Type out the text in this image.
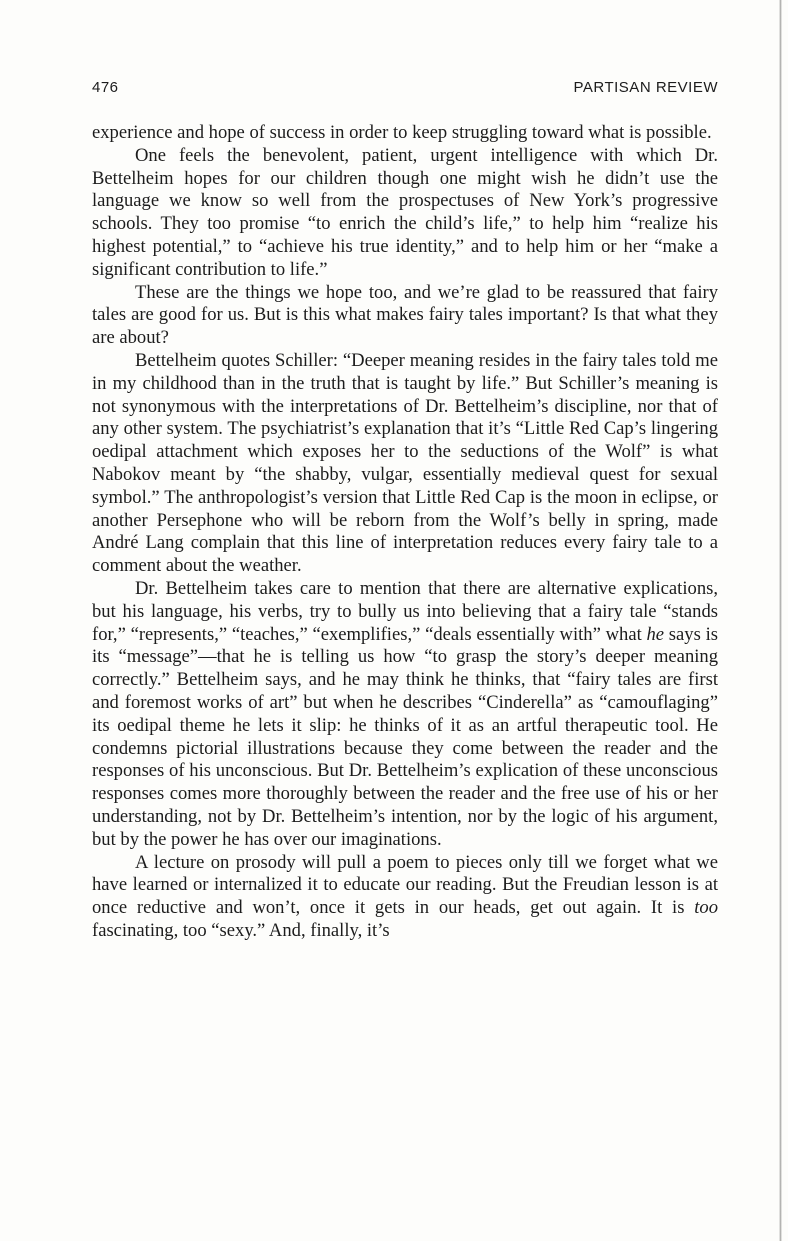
476	PARTISAN REVIEW

experience and hope of success in order to keep struggling toward what is possible.

One feels the benevolent, patient, urgent intelligence with which Dr. Bettelheim hopes for our children though one might wish he didn’t use the language we know so well from the prospectuses of New York’s progressive schools. They too promise “to enrich the child’s life,” to help him “realize his highest potential,” to “achieve his true identity,” and to help him or her “make a significant contribution to life.”

These are the things we hope too, and we’re glad to be reassured that fairy tales are good for us. But is this what makes fairy tales important? Is that what they are about?

Bettelheim quotes Schiller: “Deeper meaning resides in the fairy tales told me in my childhood than in the truth that is taught by life.” But Schiller’s meaning is not synonymous with the interpretations of Dr. Bettelheim’s discipline, nor that of any other system. The psychiatrist’s explanation that it’s “Little Red Cap’s lingering oedipal attachment which exposes her to the seductions of the Wolf” is what Nabokov meant by “the shabby, vulgar, essentially medieval quest for sexual symbol.” The anthropologist’s version that Little Red Cap is the moon in eclipse, or another Persephone who will be reborn from the Wolf’s belly in spring, made André Lang complain that this line of interpretation reduces every fairy tale to a comment about the weather.

Dr. Bettelheim takes care to mention that there are alternative explications, but his language, his verbs, try to bully us into believing that a fairy tale “stands for,” “represents,” “teaches,” “exemplifies,” “deals essentially with” what he says is its “message”—that he is telling us how “to grasp the story’s deeper meaning correctly.” Bettelheim says, and he may think he thinks, that “fairy tales are first and foremost works of art” but when he describes “Cinderella” as “camouflaging” its oedipal theme he lets it slip: he thinks of it as an artful therapeutic tool. He condemns pictorial illustrations because they come between the reader and the responses of his unconscious. But Dr. Bettelheim’s explication of these unconscious responses comes more thoroughly between the reader and the free use of his or her understanding, not by Dr. Bettelheim’s intention, nor by the logic of his argument, but by the power he has over our imaginations.

A lecture on prosody will pull a poem to pieces only till we forget what we have learned or internalized it to educate our reading. But the Freudian lesson is at once reductive and won’t, once it gets in our heads, get out again. It is too fascinating, too “sexy.” And, finally, it’s
